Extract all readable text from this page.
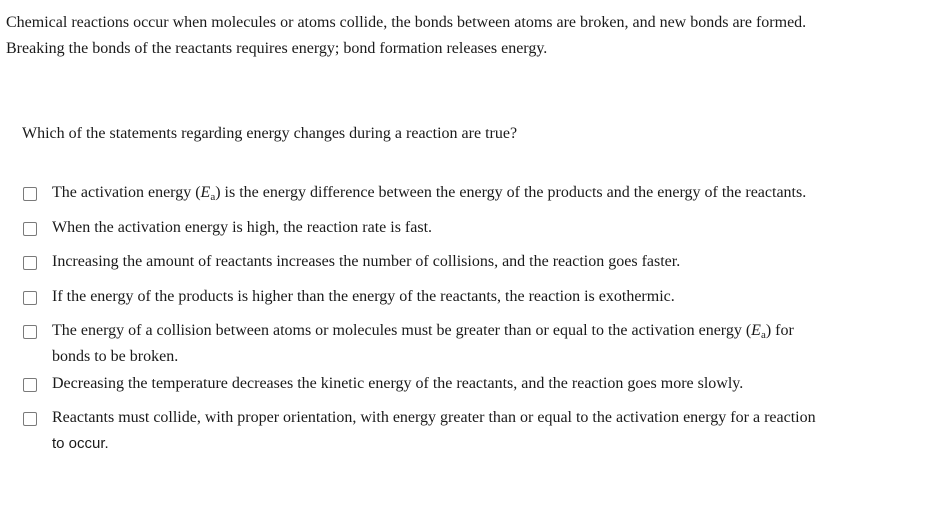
Chemical reactions occur when molecules or atoms collide, the bonds between atoms are broken, and new bonds are formed.

Breaking the bonds of the reactants requires energy; bond formation releases energy.

Which of the statements regarding energy changes during a reaction are true?
The activation energy $(E_a)$ is the energy difference between the energy of the products and the energy of the reactants.
When the activation energy is high, the reaction rate is fast.
Increasing the amount of reactants increases the number of collisions, and the reaction goes faster.
If the energy of the products is higher than the energy of the reactants, the reaction is exothermic.
The energy of a collision between atoms or molecules must be greater than or equal to the activation energy $(E_a)$ for
bonds to be broken.
Decreasing the temperature decreases the kinetic energy of the reactants, and the reaction goes more slowly.
Reactants must collide, with proper orientation, with energy greater than or equal to the activation energy for a reaction
to occur.
